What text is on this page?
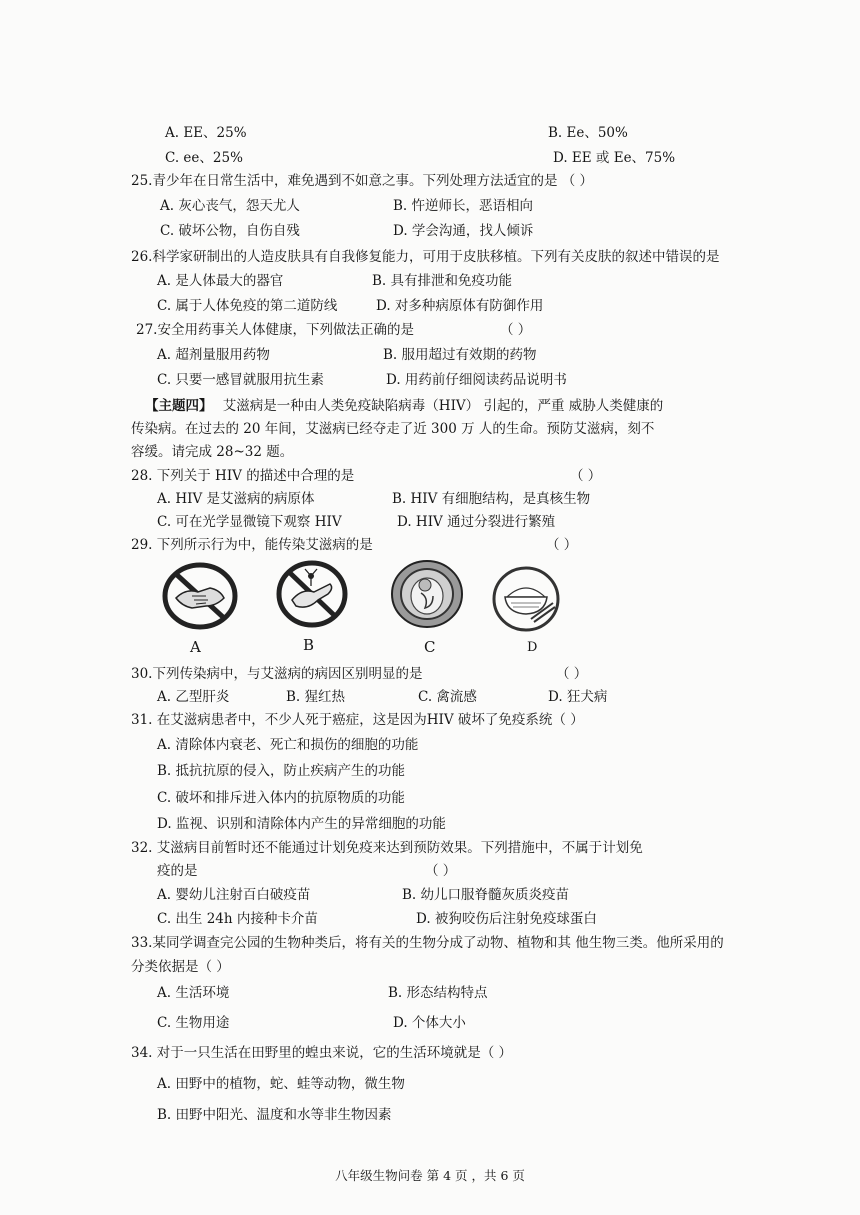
A. EE、25%	B. Ee、50%
C. ee、25%	D. EE 或 Ee、75%
25.青少年在日常生活中，难免遇到不如意之事。下列处理方法适宜的是 （ ）
A. 灰心丧气，怨天尤人	B. 忤逆师长，恶语相向
C. 破坏公物，自伤自残	D. 学会沟通，找人倾诉
26.科学家研制出的人造皮肤具有自我修复能力，可用于皮肤移植。下列有关皮肤的叙述中错误的是
A. 是人体最大的器官	B. 具有排泄和免疫功能
C. 属于人体免疫的第二道防线	D. 对多种病原体有防御作用
27.安全用药事关人体健康，下列做法正确的是	（ ）
A. 超剂量服用药物	B. 服用超过有效期的药物
C. 只要一感冒就服用抗生素	D. 用药前仔细阅读药品说明书
【主题四】 艾滋病是一种由人类免疫缺陷病毒（HIV） 引起的，严重 威胁人类健康的
传染病。在过去的 20 年间，艾滋病已经夺走了近 300 万 人的生命。预防艾滋病，刻不
容缓。请完成 28~32 题。
28. 下列关于 HIV 的描述中合理的是	（ ）
A. HIV 是艾滋病的病原体	B. HIV 有细胞结构，是真核生物
C. 可在光学显微镜下观察 HIV	D. HIV 通过分裂进行繁殖
29. 下列所示行为中，能传染艾滋病的是	（ ）
A	B	C	D
30.下列传染病中，与艾滋病的病因区别明显的是	（ ）
A. 乙型肝炎	B. 猩红热	C. 禽流感	D. 狂犬病
31. 在艾滋病患者中，不少人死于癌症，这是因为HIV 破坏了免疫系统（ ）
A. 清除体内衰老、死亡和损伤的细胞的功能
B. 抵抗抗原的侵入，防止疾病产生的功能
C. 破坏和排斥进入体内的抗原物质的功能
D. 监视、识别和清除体内产生的异常细胞的功能
32. 艾滋病目前暂时还不能通过计划免疫来达到预防效果。下列措施中，不属于计划免
疫的是	（ ）
A. 婴幼儿注射百白破疫苗	B. 幼儿口服脊髓灰质炎疫苗
C. 出生 24h 内接种卡介苗	D. 被狗咬伤后注射免疫球蛋白
33.某同学调查完公园的生物种类后，将有关的生物分成了动物、植物和其 他生物三类。他所采用的
分类依据是（ ）
A. 生活环境	B. 形态结构特点
C. 生物用途	D. 个体大小
34. 对于一只生活在田野里的蝗虫来说，它的生活环境就是（ ）
A. 田野中的植物，蛇、蛙等动物，微生物
B. 田野中阳光、温度和水等非生物因素
八年级生物问卷 第 4 页 ，共 6 页
